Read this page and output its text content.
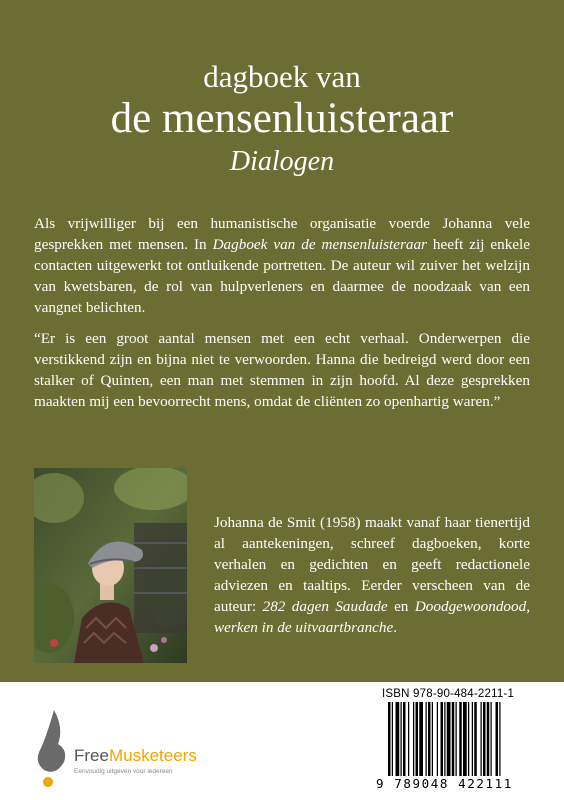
dagboek van
de mensenluisteraar
Dialogen

Als vrijwilliger bij een humanistische organisatie voerde Johanna vele gesprekken met mensen. In Dagboek van de mensenluisteraar heeft zij enkele contacten uitgewerkt tot ontluikende portretten. De auteur wil zuiver het welzijn van kwetsbaren, de rol van hulpverleners en daarmee de noodzaak van een vangnet belichten.

“Er is een groot aantal mensen met een echt verhaal. Onderwerpen die verstikkend zijn en bijna niet te verwoorden. Hanna die bedreigd werd door een stalker of Quinten, een man met stemmen in zijn hoofd. Al deze gesprekken maakten mij een bevoorrecht mens, omdat de cliënten zo openhartig waren.”

Johanna de Smit (1958) maakt vanaf haar tienertijd al aantekeningen, schreef dagboeken, korte verhalen en gedichten en geeft redactionele adviezen en taaltips. Eerder verscheen van de auteur: 282 dagen Saudade en Doodgewoondood, werken in de uitvaartbranche.

FreeMusketeers
Eenvoudig uitgeven voor iedereen
ISBN 978-90-484-2211-1
9 789048 422111
